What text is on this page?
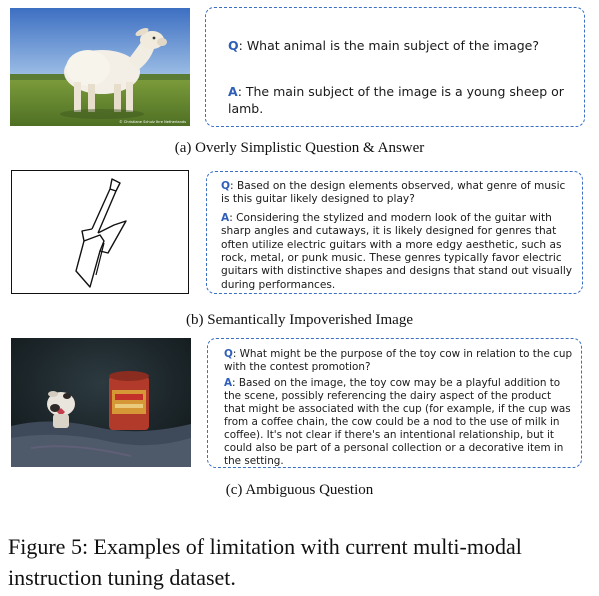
© Christiane Schulz Ihre Netherlands
Q: What animal is the main subject of the image?
A: The main subject of the image is a young sheep or lamb.
(a) Overly Simplistic Question & Answer
Q: Based on the design elements observed, what genre of music is this guitar likely designed to play?
A: Considering the stylized and modern look of the guitar with sharp angles and cutaways, it is likely designed for genres that often utilize electric guitars with a more edgy aesthetic, such as rock, metal, or punk music. These genres typically favor electric guitars with distinctive shapes and designs that stand out visually during performances.
(b) Semantically Impoverished Image
Q: What might be the purpose of the toy cow in relation to the cup with the contest promotion?
A: Based on the image, the toy cow may be a playful addition to the scene, possibly referencing the dairy aspect of the product that might be associated with the cup (for example, if the cup was from a coffee chain, the cow could be a nod to the use of milk in coffee). It's not clear if there's an intentional relationship, but it could also be part of a personal collection or a decorative item in the setting.
(c) Ambiguous Question
Figure 5: Examples of limitation with current multi-modal instruction tuning dataset.
